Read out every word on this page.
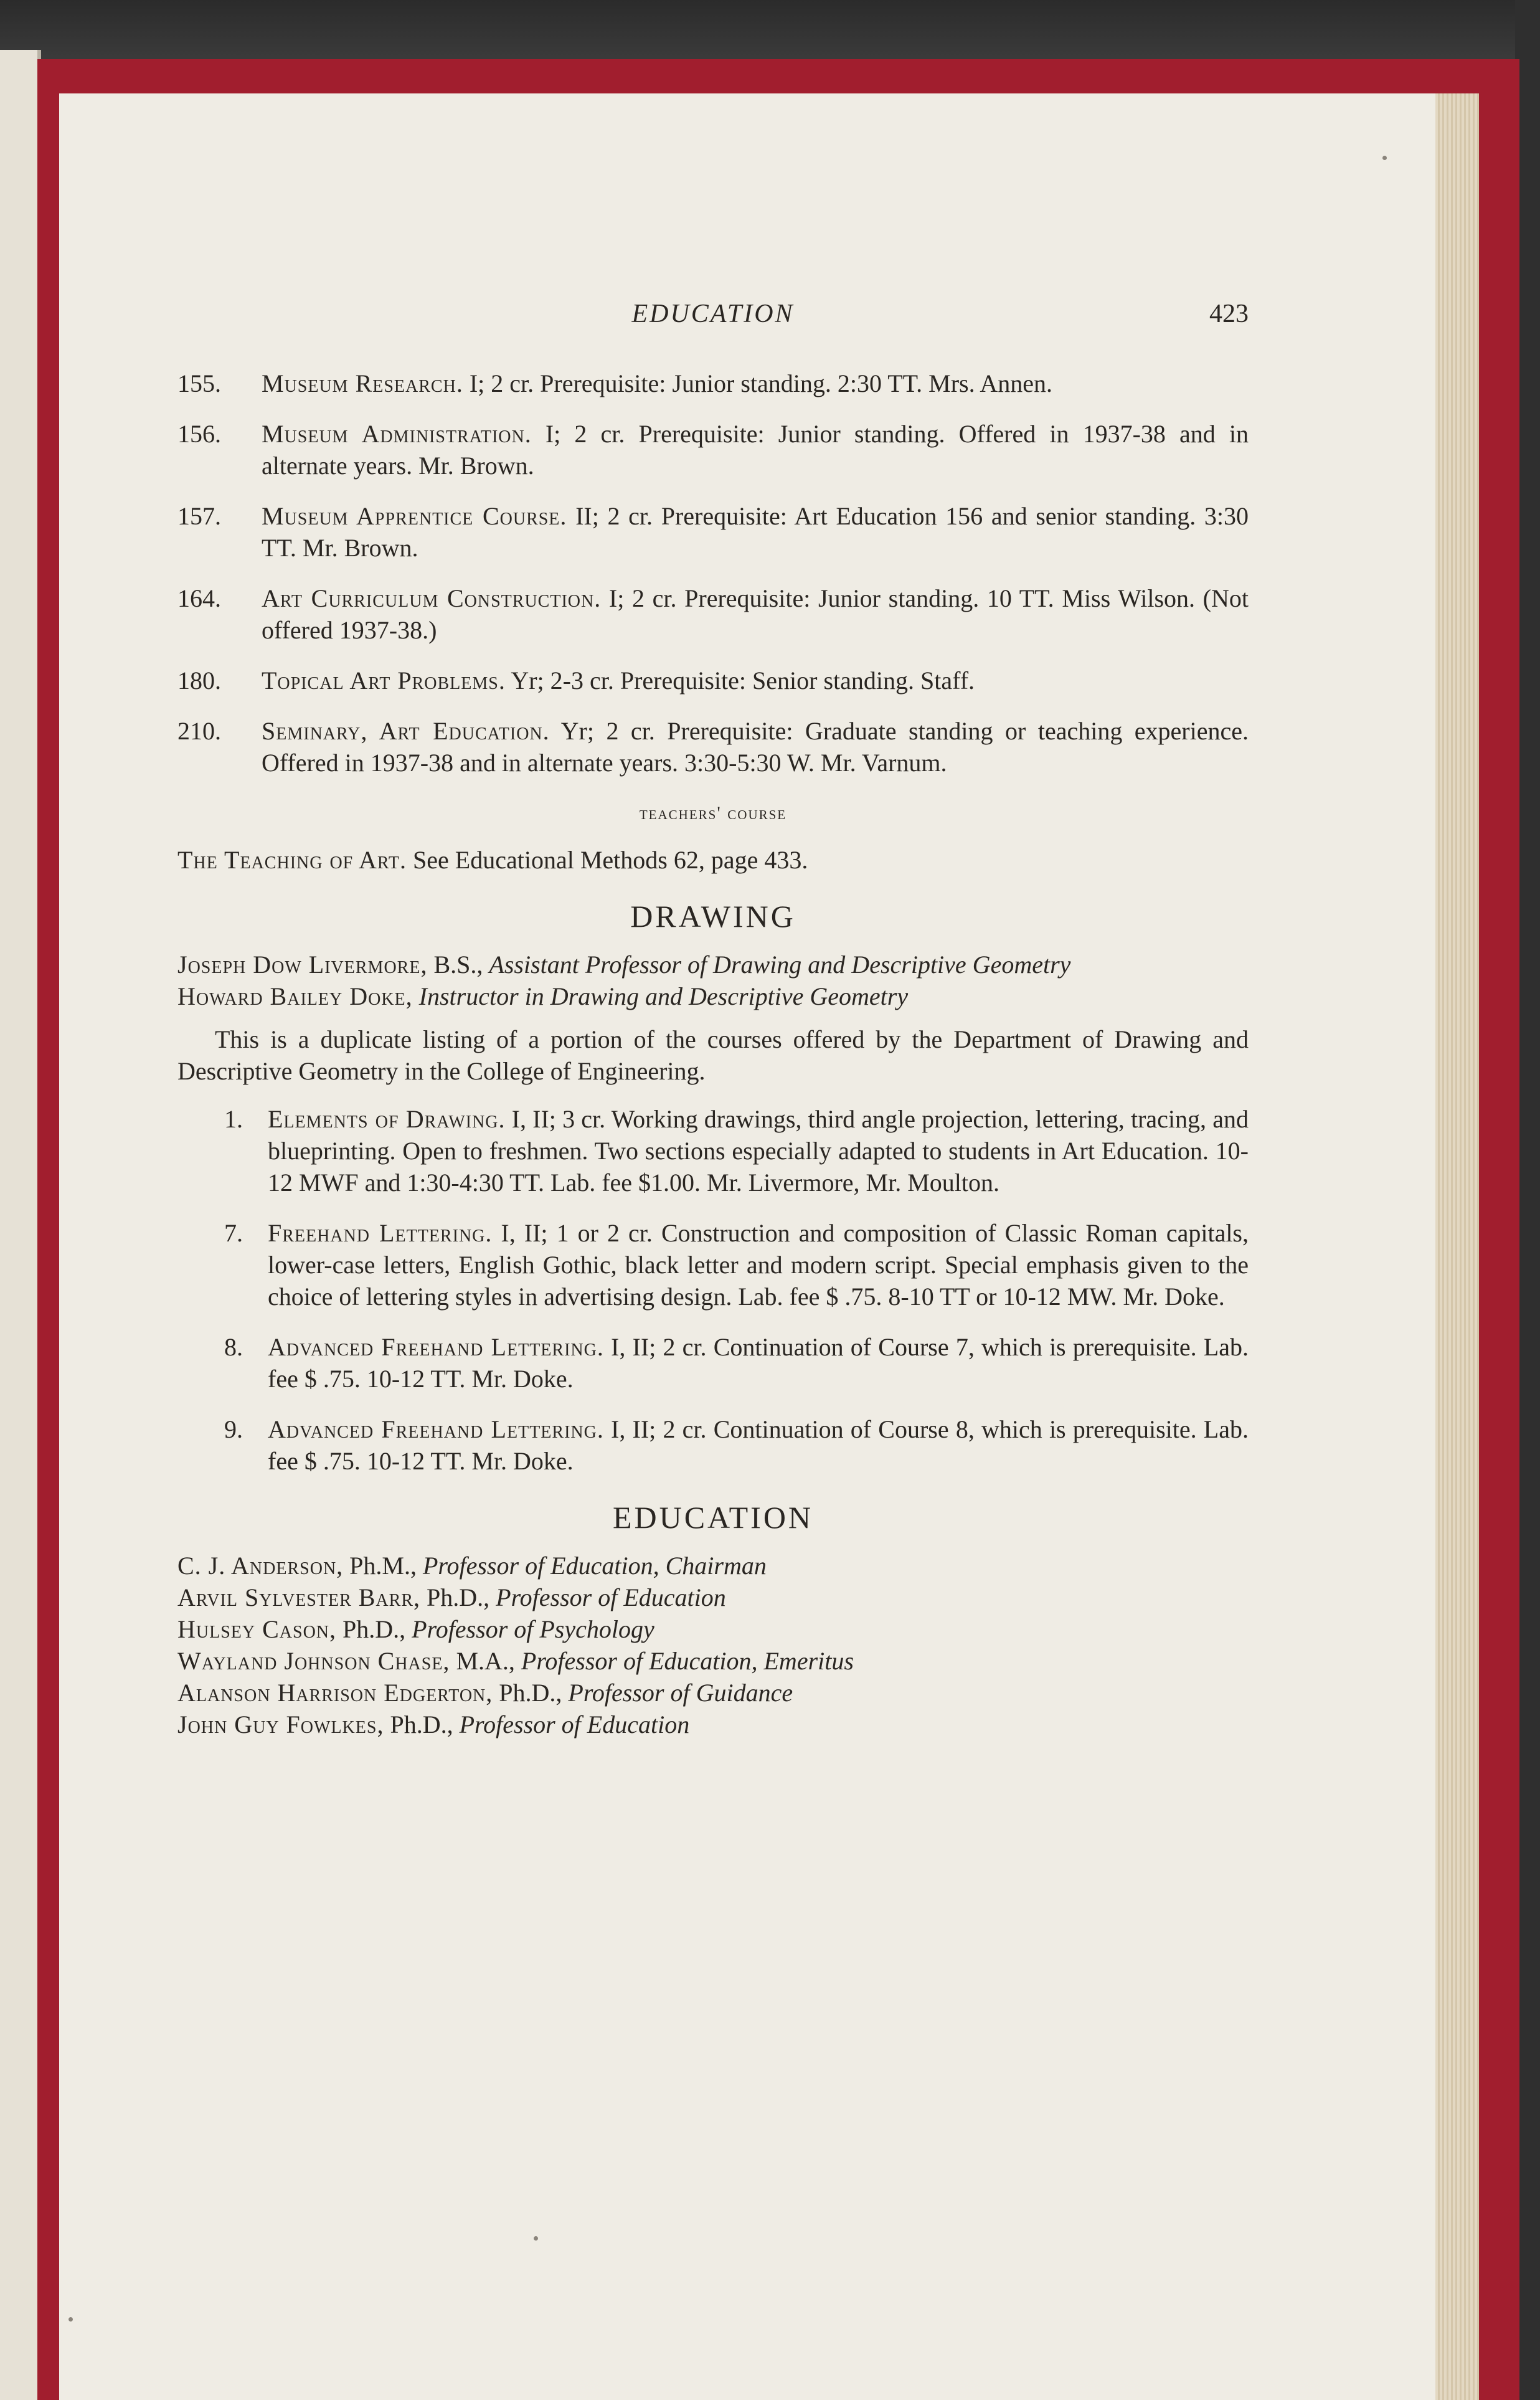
EDUCATION	423
155.	Museum Research. I; 2 cr. Prerequisite: Junior standing. 2:30 TT. Mrs. Annen.
156.	Museum Administration. I; 2 cr. Prerequisite: Junior standing. Offered in 1937-38 and in alternate years. Mr. Brown.
157.	Museum Apprentice Course. II; 2 cr. Prerequisite: Art Education 156 and senior standing. 3:30 TT. Mr. Brown.
164.	Art Curriculum Construction. I; 2 cr. Prerequisite: Junior standing. 10 TT. Miss Wilson. (Not offered 1937-38.)
180.	Topical Art Problems. Yr; 2-3 cr. Prerequisite: Senior standing. Staff.
210.	Seminary, Art Education. Yr; 2 cr. Prerequisite: Graduate standing or teaching experience. Offered in 1937-38 and in alternate years. 3:30-5:30 W. Mr. Varnum.
teachers' course
The Teaching of Art. See Educational Methods 62, page 433.
DRAWING

Joseph Dow Livermore, B.S., Assistant Professor of Drawing and Descriptive Geometry

Howard Bailey Doke, Instructor in Drawing and Descriptive Geometry

This is a duplicate listing of a portion of the courses offered by the Department of Drawing and Descriptive Geometry in the College of Engineering.

1. Elements of Drawing. I, II; 3 cr. Working drawings, third angle projection, lettering, tracing, and blueprinting. Open to freshmen. Two sections especially adapted to students in Art Education. 10-12 MWF and 1:30-4:30 TT. Lab. fee $1.00. Mr. Livermore, Mr. Moulton.
7. Freehand Lettering. I, II; 1 or 2 cr. Construction and composition of Classic Roman capitals, lower-case letters, English Gothic, black letter and modern script. Special emphasis given to the choice of lettering styles in advertising design. Lab. fee $ .75. 8-10 TT or 10-12 MW. Mr. Doke.
8. Advanced Freehand Lettering. I, II; 2 cr. Continuation of Course 7, which is prerequisite. Lab. fee $ .75. 10-12 TT. Mr. Doke.
9. Advanced Freehand Lettering. I, II; 2 cr. Continuation of Course 8, which is prerequisite. Lab. fee $ .75. 10-12 TT. Mr. Doke.
EDUCATION

C. J. Anderson, Ph.M., Professor of Education, Chairman

Arvil Sylvester Barr, Ph.D., Professor of Education

Hulsey Cason, Ph.D., Professor of Psychology

Wayland Johnson Chase, M.A., Professor of Education, Emeritus

Alanson Harrison Edgerton, Ph.D., Professor of Guidance

John Guy Fowlkes, Ph.D., Professor of Education
